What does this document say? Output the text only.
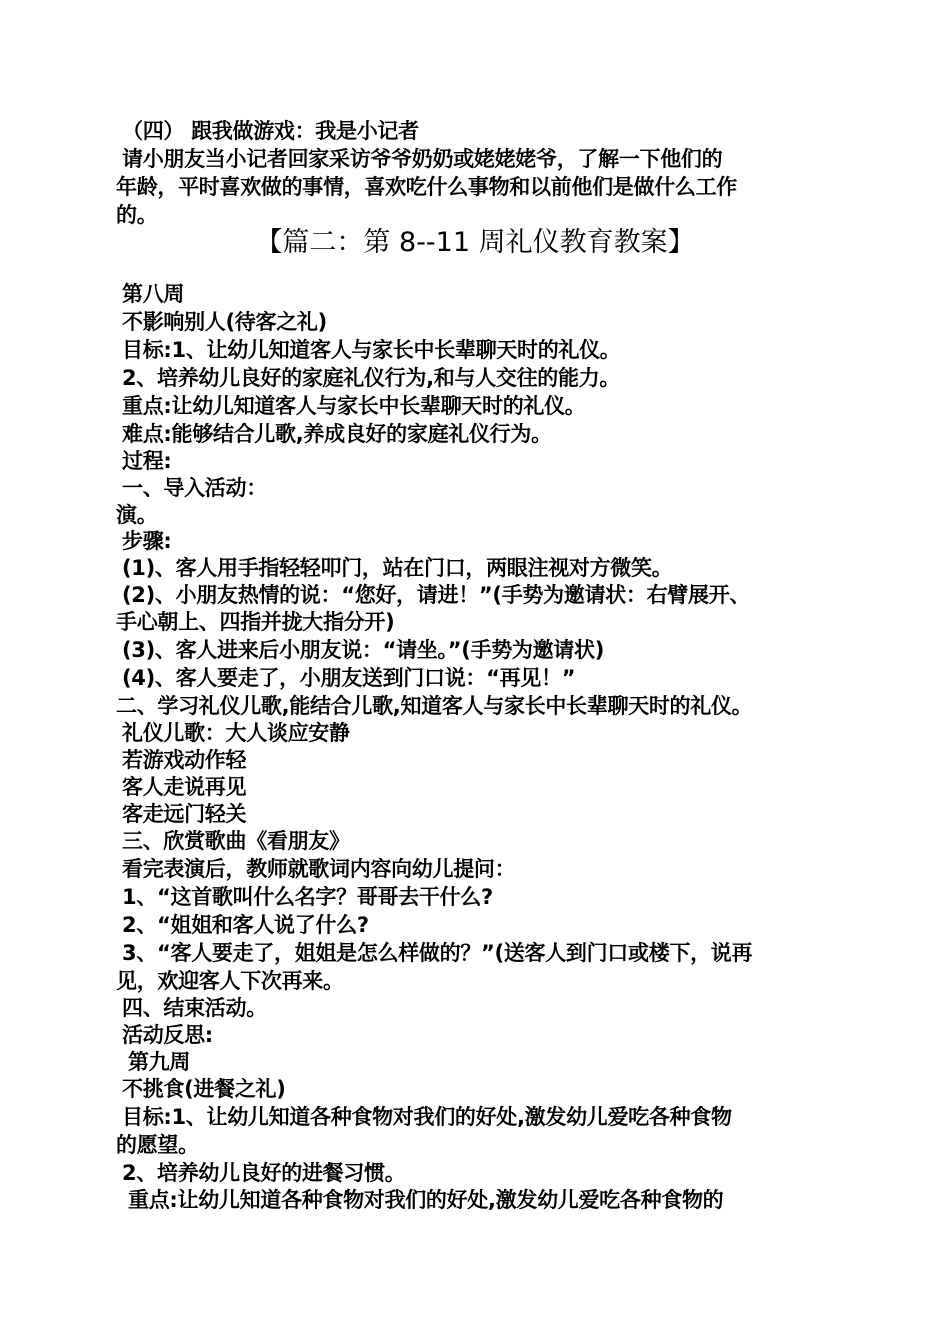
（四） 跟我做游戏：我是小记者
请小朋友当小记者回家采访爷爷奶奶或姥姥姥爷，了解一下他们的
年龄，平时喜欢做的事情，喜欢吃什么事物和以前他们是做什么工作
的。
【篇二：第 8--11 周礼仪教育教案】
第八周
不影响别人(待客之礼)
目标:1、让幼儿知道客人与家长中长辈聊天时的礼仪。
2、培养幼儿良好的家庭礼仪行为,和与人交往的能力。
重点:让幼儿知道客人与家长中长辈聊天时的礼仪。
难点:能够结合儿歌,养成良好的家庭礼仪行为。
过程:
一、导入活动：
演。
步骤:
(1)、客人用手指轻轻叩门，站在门口，两眼注视对方微笑。
(2)、小朋友热情的说：“您好，请进！”(手势为邀请状：右臂展开、
手心朝上、四指并拢大指分开)
(3)、客人进来后小朋友说：“请坐。”(手势为邀请状)
(4)、客人要走了，小朋友送到门口说：“再见！”
二、学习礼仪儿歌,能结合儿歌,知道客人与家长中长辈聊天时的礼仪。
礼仪儿歌：大人谈应安静
若游戏动作轻
客人走说再见
客走远门轻关
三、欣赏歌曲《看朋友》
看完表演后，教师就歌词内容向幼儿提问：
1、“这首歌叫什么名字？哥哥去干什么?
2、“姐姐和客人说了什么?
3、“客人要走了，姐姐是怎么样做的？”(送客人到门口或楼下，说再
见，欢迎客人下次再来。
四、结束活动。
活动反思:
第九周
不挑食(进餐之礼)
目标:1、让幼儿知道各种食物对我们的好处,激发幼儿爱吃各种食物
的愿望。
2、培养幼儿良好的进餐习惯。
重点:让幼儿知道各种食物对我们的好处,激发幼儿爱吃各种食物的
